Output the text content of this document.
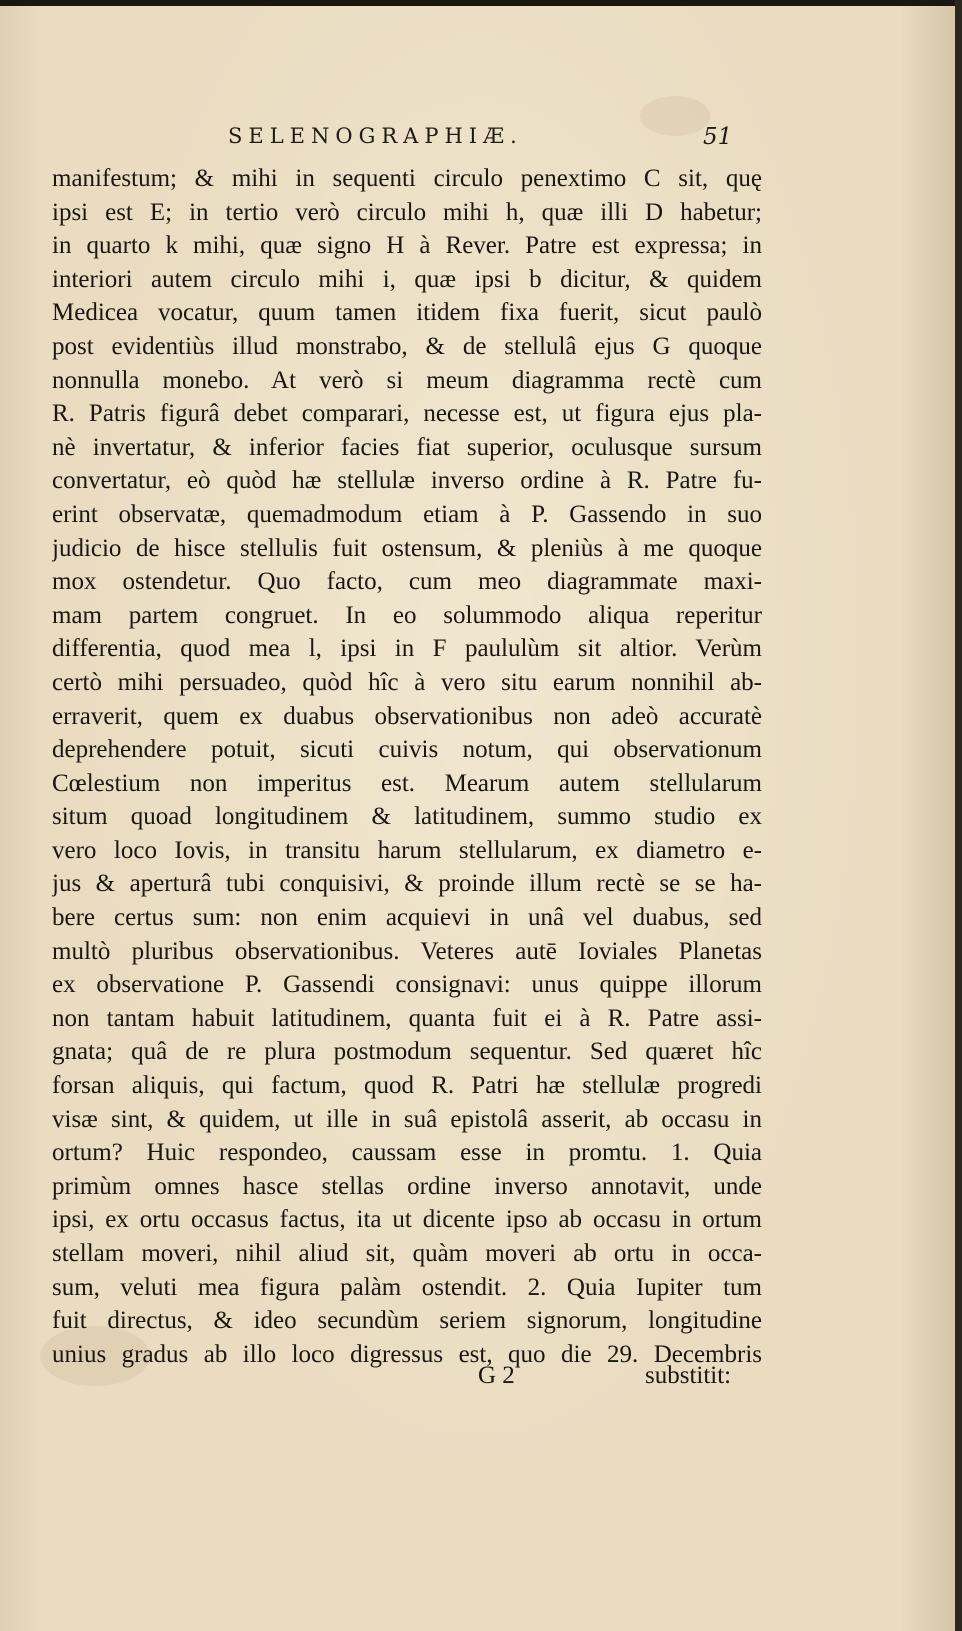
SELENOGRAPHIÆ.	51
manifestum; & mihi in sequenti circulo penextimo C sit, quę
ipsi est E; in tertio verò circulo mihi h, quæ illi D habetur;
in quarto k mihi, quæ signo H à Rever. Patre est expressa; in
interiori autem circulo mihi i, quæ ipsi b dicitur, & quidem
Medicea vocatur, quum tamen itidem fixa fuerit, sicut paulò
post evidentiùs illud monstrabo, & de stellulâ ejus G quoque
nonnulla monebo. At verò si meum diagramma rectè cum
R. Patris figurâ debet comparari, necesse est, ut figura ejus pla-
nè invertatur, & inferior facies fiat superior, oculusque sursum
convertatur, eò quòd hæ stellulæ inverso ordine à R. Patre fu-
erint observatæ, quemadmodum etiam à P. Gassendo in suo
judicio de hisce stellulis fuit ostensum, & pleniùs à me quoque
mox ostendetur. Quo facto, cum meo diagrammate maxi-
mam partem congruet. In eo solummodo aliqua reperitur
differentia, quod mea l, ipsi in F paululùm sit altior. Verùm
certò mihi persuadeo, quòd hîc à vero situ earum nonnihil ab-
erraverit, quem ex duabus observationibus non adeò accuratè
deprehendere potuit, sicuti cuivis notum, qui observationum
Cœlestium non imperitus est. Mearum autem stellularum
situm quoad longitudinem & latitudinem, summo studio ex
vero loco Iovis, in transitu harum stellularum, ex diametro e-
jus & aperturâ tubi conquisivi, & proinde illum rectè se se ha-
bere certus sum: non enim acquievi in unâ vel duabus, sed
multò pluribus observationibus. Veteres autē Ioviales Planetas
ex observatione P. Gassendi consignavi: unus quippe illorum
non tantam habuit latitudinem, quanta fuit ei à R. Patre assi-
gnata; quâ de re plura postmodum sequentur. Sed quæret hîc
forsan aliquis, qui factum, quod R. Patri hæ stellulæ progredi
visæ sint, & quidem, ut ille in suâ epistolâ asserit, ab occasu in
ortum? Huic respondeo, caussam esse in promtu. 1. Quia
primùm omnes hasce stellas ordine inverso annotavit, unde
ipsi, ex ortu occasus factus, ita ut dicente ipso ab occasu in ortum
stellam moveri, nihil aliud sit, quàm moveri ab ortu in occa-
sum, veluti mea figura palàm ostendit. 2. Quia Iupiter tum
fuit directus, & ideo secundùm seriem signorum, longitudine
unius gradus ab illo loco digressus est, quo die 29. Decembris
G 2	substitit:
